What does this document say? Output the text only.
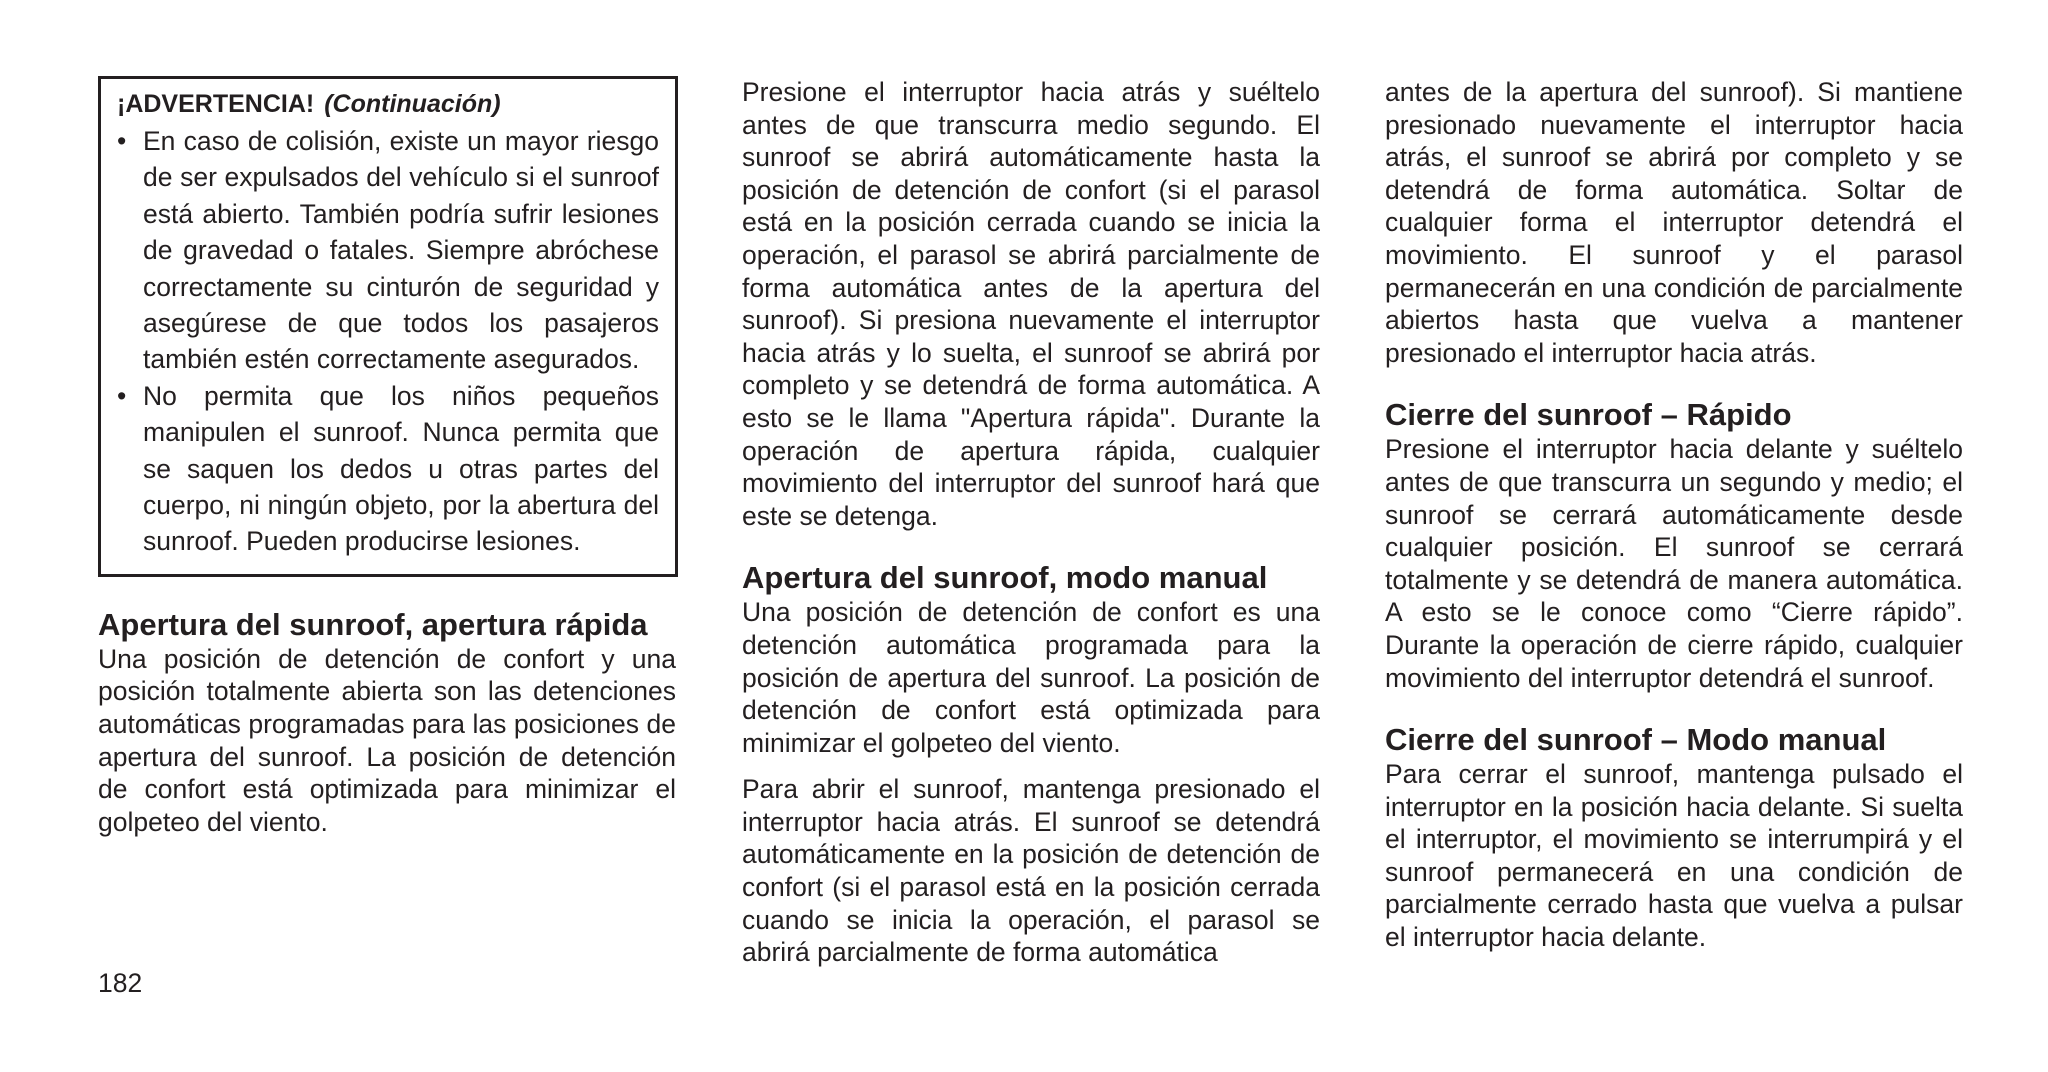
¡ADVERTENCIA! (Continuación)
• En caso de colisión, existe un mayor riesgo de ser expulsados del vehículo si el sunroof está abierto. También podría sufrir lesiones de gravedad o fatales. Siempre abróchese correctamente su cinturón de seguridad y asegúrese de que todos los pasajeros también estén correctamente asegurados.
• No permita que los niños pequeños manipulen el sunroof. Nunca permita que se saquen los dedos u otras partes del cuerpo, ni ningún objeto, por la abertura del sunroof. Pueden producirse lesiones.
Apertura del sunroof, apertura rápida

Una posición de detención de confort y una posición totalmente abierta son las detenciones automáticas programadas para las posiciones de apertura del sunroof. La posición de detención de confort está optimizada para minimizar el golpeteo del viento.

Presione el interruptor hacia atrás y suéltelo antes de que transcurra medio segundo. El sunroof se abrirá automáticamente hasta la posición de detención de confort (si el parasol está en la posición cerrada cuando se inicia la operación, el parasol se abrirá parcialmente de forma automática antes de la apertura del sunroof). Si presiona nuevamente el interruptor hacia atrás y lo suelta, el sunroof se abrirá por completo y se detendrá de forma automática. A esto se le llama "Apertura rápida". Durante la operación de apertura rápida, cualquier movimiento del interruptor del sunroof hará que este se detenga.

Apertura del sunroof, modo manual

Una posición de detención de confort es una detención automática programada para la posición de apertura del sunroof. La posición de detención de confort está optimizada para minimizar el golpeteo del viento.

Para abrir el sunroof, mantenga presionado el interruptor hacia atrás. El sunroof se detendrá automáticamente en la posición de detención de confort (si el parasol está en la posición cerrada cuando se inicia la operación, el parasol se abrirá parcialmente de forma automática

antes de la apertura del sunroof). Si mantiene presionado nuevamente el interruptor hacia atrás, el sunroof se abrirá por completo y se detendrá de forma automática. Soltar de cualquier forma el interruptor detendrá el movimiento. El sunroof y el parasol permanecerán en una condición de parcialmente abiertos hasta que vuelva a mantener presionado el interruptor hacia atrás.

Cierre del sunroof – Rápido

Presione el interruptor hacia delante y suéltelo antes de que transcurra un segundo y medio; el sunroof se cerrará automáticamente desde cualquier posición. El sunroof se cerrará totalmente y se detendrá de manera automática. A esto se le conoce como “Cierre rápido”. Durante la operación de cierre rápido, cualquier movimiento del interruptor detendrá el sunroof.

Cierre del sunroof – Modo manual

Para cerrar el sunroof, mantenga pulsado el interruptor en la posición hacia delante. Si suelta el interruptor, el movimiento se interrumpirá y el sunroof permanecerá en una condición de parcialmente cerrado hasta que vuelva a pulsar el interruptor hacia delante.

182
